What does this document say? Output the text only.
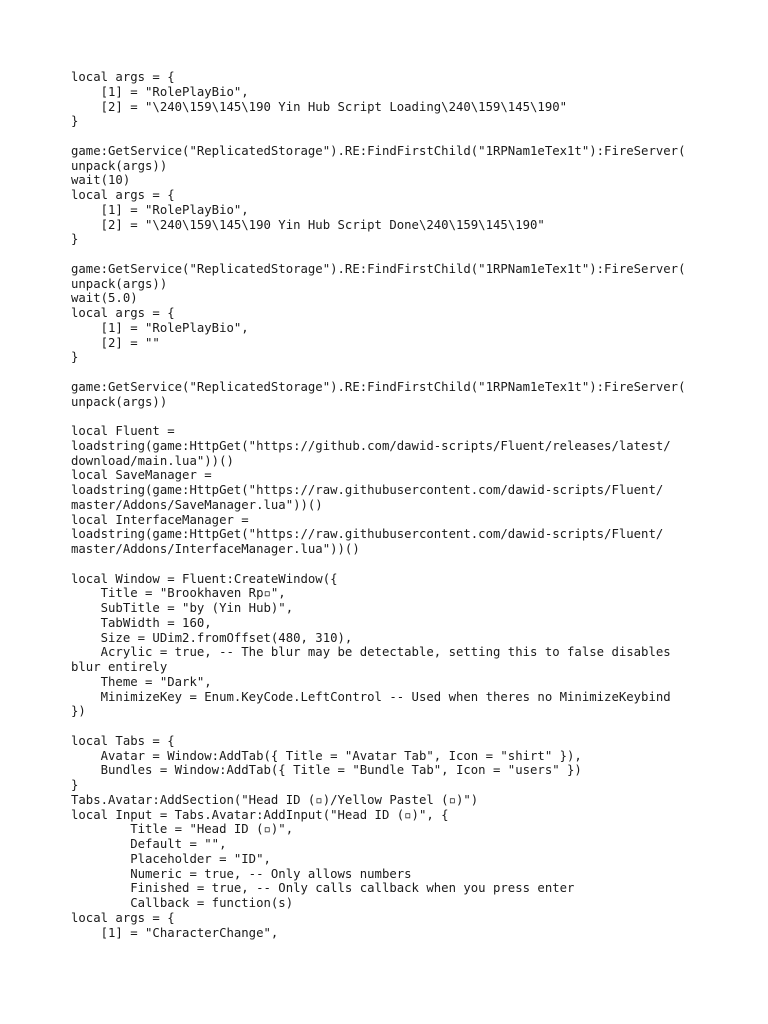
local args = {
[1] = "RolePlayBio",
[2] = "\240\159\145\190 Yin Hub Script Loading\240\159\145\190"
}
game:GetService("ReplicatedStorage").RE:FindFirstChild("1RPNam1eTex1t"):FireServer(
unpack(args))
wait(10)
local args = {
[1] = "RolePlayBio",
[2] = "\240\159\145\190 Yin Hub Script Done\240\159\145\190"
}
game:GetService("ReplicatedStorage").RE:FindFirstChild("1RPNam1eTex1t"):FireServer(
unpack(args))
wait(5.0)
local args = {
[1] = "RolePlayBio",
[2] = ""
}
game:GetService("ReplicatedStorage").RE:FindFirstChild("1RPNam1eTex1t"):FireServer(
unpack(args))
local Fluent =
loadstring(game:HttpGet("https://github.com/dawid-scripts/Fluent/releases/latest/
download/main.lua"))()
local SaveManager =
loadstring(game:HttpGet("https://raw.githubusercontent.com/dawid-scripts/Fluent/
master/Addons/SaveManager.lua"))()
local InterfaceManager =
loadstring(game:HttpGet("https://raw.githubusercontent.com/dawid-scripts/Fluent/
master/Addons/InterfaceManager.lua"))()
local Window = Fluent:CreateWindow({
Title = "Brookhaven Rp▫",
SubTitle = "by (Yin Hub)",
TabWidth = 160,
Size = UDim2.fromOffset(480, 310),
Acrylic = true, -- The blur may be detectable, setting this to false disables
blur entirely
Theme = "Dark",
MinimizeKey = Enum.KeyCode.LeftControl -- Used when theres no MinimizeKeybind
})
local Tabs = {
Avatar = Window:AddTab({ Title = "Avatar Tab", Icon = "shirt" }),
Bundles = Window:AddTab({ Title = "Bundle Tab", Icon = "users" })
}
Tabs.Avatar:AddSection("Head ID (▫)/Yellow Pastel (▫)")
local Input = Tabs.Avatar:AddInput("Head ID (▫)", {
Title = "Head ID (▫)",
Default = "",
Placeholder = "ID",
Numeric = true, -- Only allows numbers
Finished = true, -- Only calls callback when you press enter
Callback = function(s)
local args = {
[1] = "CharacterChange",
